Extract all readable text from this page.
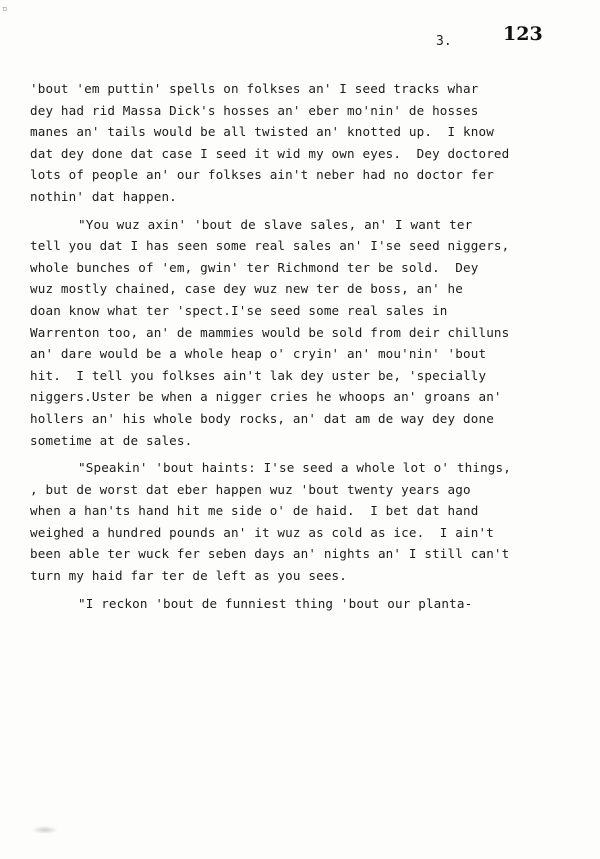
▫
3.	123
'bout 'em puttin' spells on folkses an' I seed tracks whar
dey had rid Massa Dick's hosses an' eber mo'nin' de hosses
manes an' tails would be all twisted an' knotted up.  I know
dat dey done dat case I seed it wid my own eyes.  Dey doctored
lots of people an' our folkses ain't neber had no doctor fer
nothin' dat happen.
"You wuz axin' 'bout de slave sales, an' I want ter
tell you dat I has seen some real sales an' I'se seed niggers,
whole bunches of 'em, gwin' ter Richmond ter be sold.  Dey
wuz mostly chained, case dey wuz new ter de boss, an' he
doan know what ter 'spect.I'se seed some real sales in
Warrenton too, an' de mammies would be sold from deir chilluns
an' dare would be a whole heap o' cryin' an' mou'nin' 'bout
hit.  I tell you folkses ain't lak dey uster be, 'specially
niggers.Uster be when a nigger cries he whoops an' groans an'
hollers an' his whole body rocks, an' dat am de way dey done
sometime at de sales.
"Speakin' 'bout haints: I'se seed a whole lot o' things,
, but de worst dat eber happen wuz 'bout twenty years ago
when a han'ts hand hit me side o' de haid.  I bet dat hand
weighed a hundred pounds an' it wuz as cold as ice.  I ain't
been able ter wuck fer seben days an' nights an' I still can't
turn my haid far ter de left as you sees.
"I reckon 'bout de funniest thing 'bout our planta-
